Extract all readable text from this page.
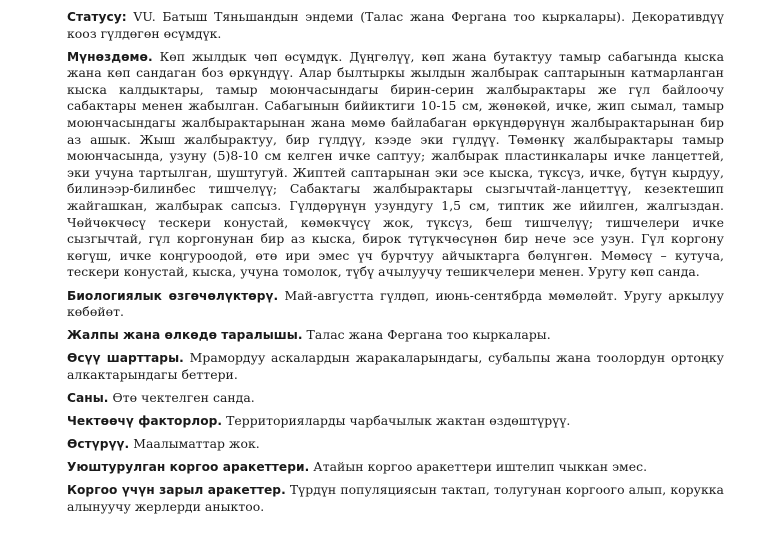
Статусу: VU. Батыш Тяньшандын эндеми (Талас жана Фергана тоо кыркалары). Декоративдүү кооз гүлдөгөн өсүмдүк.

Мүнөздөмө. Көп жылдык чөп өсүмдүк. Дүңгөлүү, көп жана бутактуу тамыр сабагында кыска жана көп сандаган боз өркүндүү. Алар былтыркы жылдын жалбырак саптарынын катмарланган кыска калдыктары, тамыр моюнчасындагы бирин-серин жалбырактары же гүл байлоочу сабактары менен жабылган. Сабагынын бийиктиги 10-15 см, жөнөкөй, ичке, жип сымал, тамыр моюнчасындагы жалбырактарынан жана мөмө байлабаган өркүндөрүнүн жалбырактарынан бир аз ашык. Жыш жалбырактуу, бир гүлдүү, кээде эки гүлдүү. Төмөнкү жалбырактары тамыр моюнчасында, узуну (5)8-10 см келген ичке саптуу; жалбырак пластинкалары ичке ланцеттей, эки учуна тартылган, шуштугуй. Жиптей саптарынан эки эсе кыска, түксүз, ичке, бүтүн кырдуу, билинээр-билинбес тишчелүү; Сабактагы жалбырактары сызгычтай-ланцеттүү, кезектешип жайгашкан, жалбырак сапсыз. Гүлдөрүнүн узундугу 1,5 см, типтик же ийилген, жалгыздан. Чөйчөкчөсү тескери конустай, көмөкчүсү жок, түксүз, беш тишчелүү; тишчелери ичке сызгычтай, гүл коргонунан бир аз кыска, бирок түтүкчөсүнөн бир нече эсе узун. Гүл коргону көгүш, ичке коңгуроодой, өтө ири эмес үч бурчтуу айчыктарга бөлүнгөн. Мөмөсү – кутуча, тескери конустай, кыска, учуна томолок, түбү ачылуучу тешикчелери менен. Уругу көп санда.

Биологиялык өзгөчөлүктөрү. Май-августта гүлдөп, июнь-сентябрда мөмөлөйт. Уругу аркылуу көбөйөт.

Жалпы жана өлкөдө таралышы. Талас жана Фергана тоо кыркалары.

Өсүү шарттары. Мрамордуу аскалардын жаракаларындагы, субальпы жана тоолордун ортоңку алкактарындагы беттери.

Саны. Өтө чектелген санда.

Чектөөчү факторлор. Территорияларды чарбачылык жактан өздөштүрүү.

Өстүрүү. Маалыматтар жок.

Уюштурулган коргоо аракеттери. Атайын коргоо аракеттери иштелип чыккан эмес.

Коргоо үчүн зарыл аракеттер. Түрдүн популяциясын тактап, толугунан коргоого алып, корукка алынуучу жерлерди аныктоо.
